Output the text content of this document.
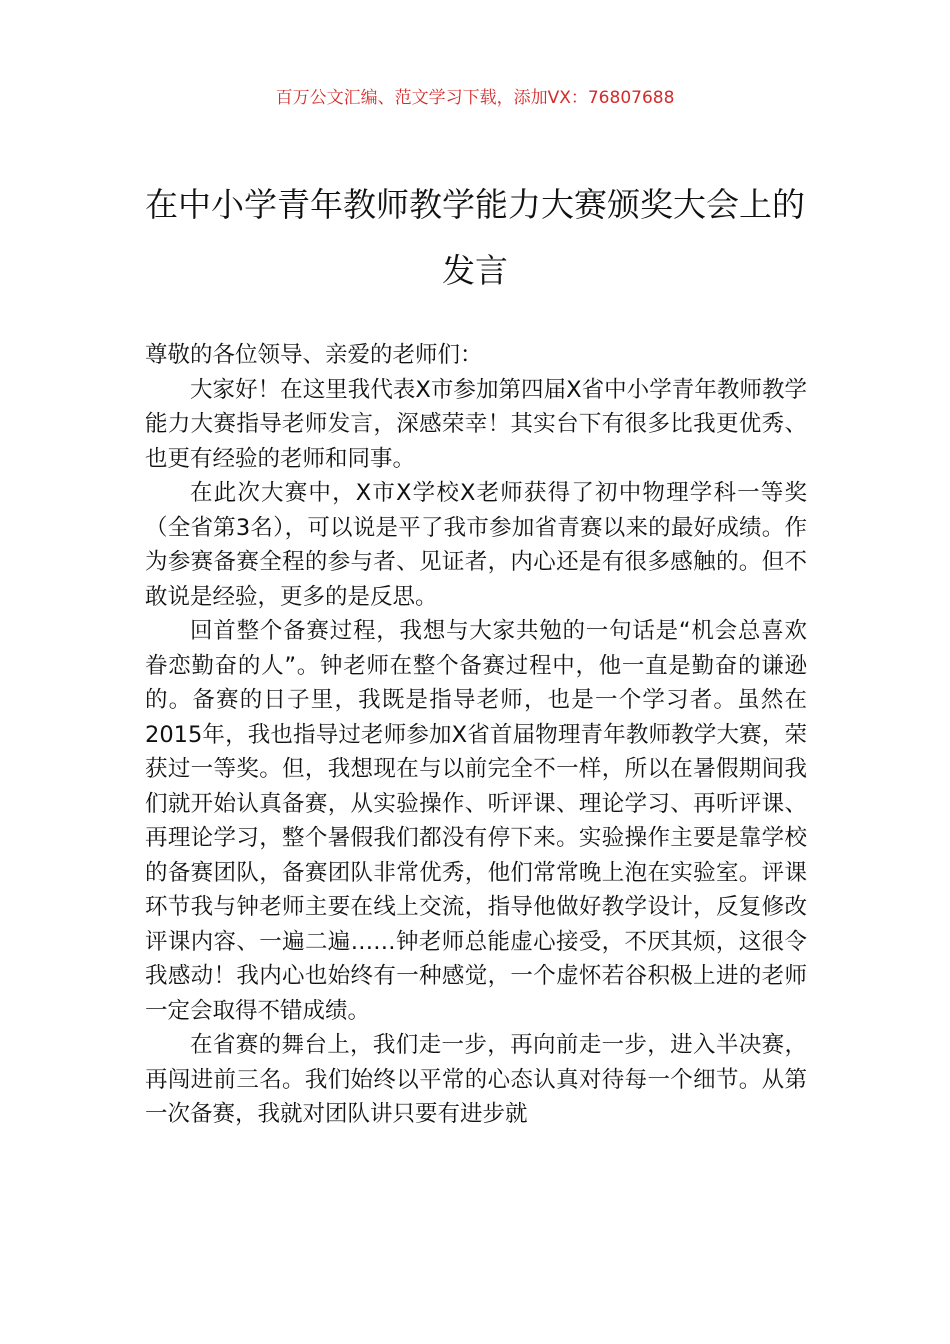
百万公文汇编、范文学习下载，添加VX：76807688
在中小学青年教师教学能力大赛颁奖大会上的发言

尊敬的各位领导、亲爱的老师们：

大家好！在这里我代表X市参加第四届X省中小学青年教师教学能力大赛指导老师发言，深感荣幸！其实台下有很多比我更优秀、也更有经验的老师和同事。

在此次大赛中，X市X学校X老师获得了初中物理学科一等奖（全省第3名），可以说是平了我市参加省青赛以来的最好成绩。作为参赛备赛全程的参与者、见证者，内心还是有很多感触的。但不敢说是经验，更多的是反思。

回首整个备赛过程，我想与大家共勉的一句话是“机会总喜欢眷恋勤奋的人”。钟老师在整个备赛过程中，他一直是勤奋的谦逊的。备赛的日子里，我既是指导老师，也是一个学习者。虽然在2015年，我也指导过老师参加X省首届物理青年教师教学大赛，荣获过一等奖。但，我想现在与以前完全不一样，所以在暑假期间我们就开始认真备赛，从实验操作、听评课、理论学习、再听评课、再理论学习，整个暑假我们都没有停下来。实验操作主要是靠学校的备赛团队，备赛团队非常优秀，他们常常晚上泡在实验室。评课环节我与钟老师主要在线上交流，指导他做好教学设计，反复修改评课内容、一遍二遍……钟老师总能虚心接受，不厌其烦，这很令我感动！我内心也始终有一种感觉，一个虚怀若谷积极上进的老师一定会取得不错成绩。

在省赛的舞台上，我们走一步，再向前走一步，进入半决赛，再闯进前三名。我们始终以平常的心态认真对待每一个细节。从第一次备赛，我就对团队讲只要有进步就
